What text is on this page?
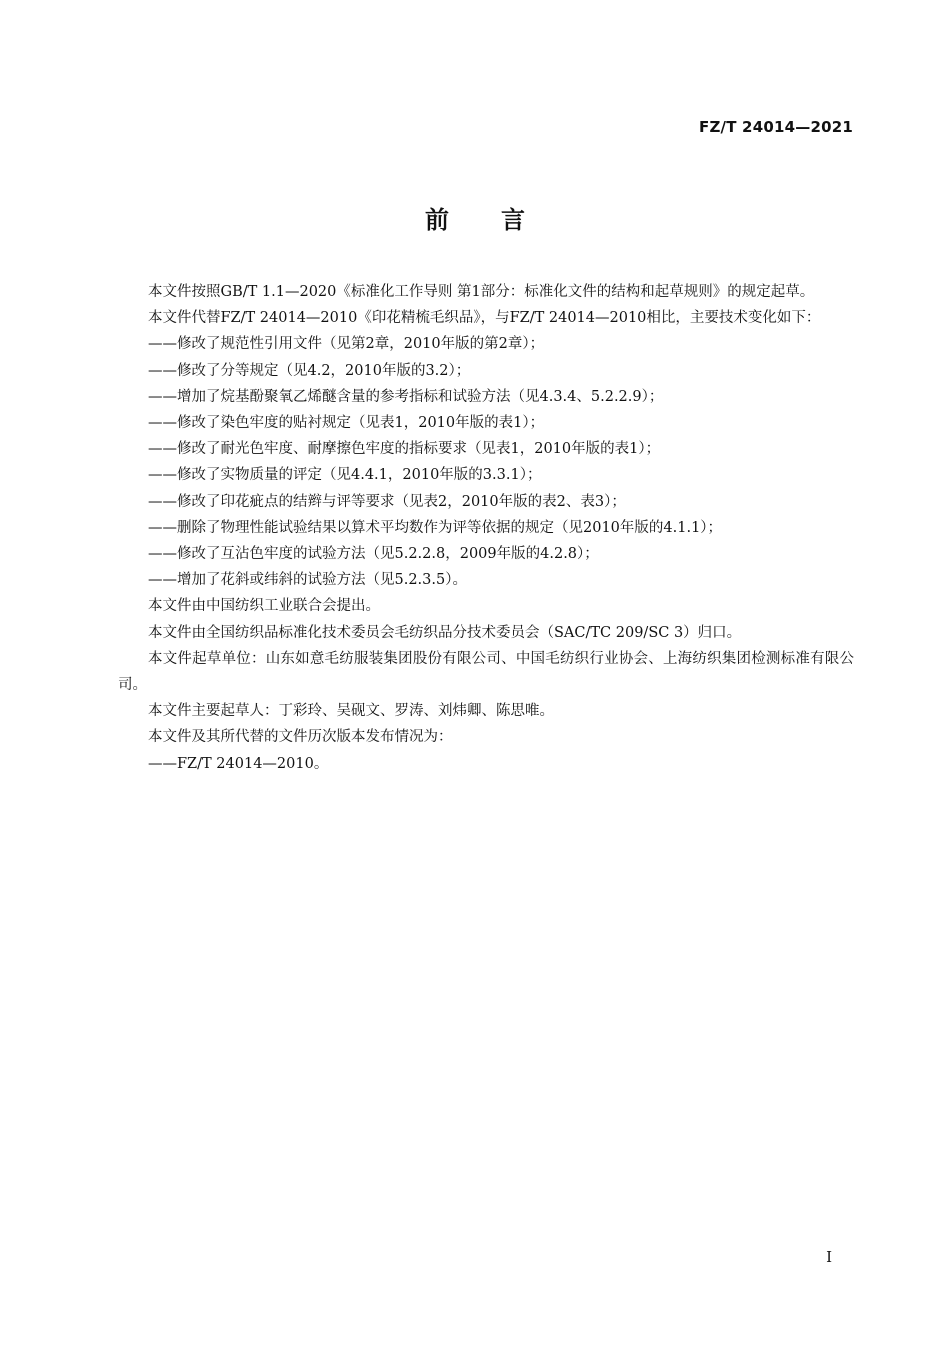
FZ/T 24014—2021
前言

本文件按照GB/T 1.1—2020《标准化工作导则 第1部分：标准化文件的结构和起草规则》的规定起草。

本文件代替FZ/T 24014—2010《印花精梳毛织品》，与FZ/T 24014—2010相比，主要技术变化如下：

——修改了规范性引用文件（见第2章，2010年版的第2章）；

——修改了分等规定（见4.2，2010年版的3.2）；

——增加了烷基酚聚氧乙烯醚含量的参考指标和试验方法（见4.3.4、5.2.2.9）；

——修改了染色牢度的贴衬规定（见表1，2010年版的表1）；

——修改了耐光色牢度、耐摩擦色牢度的指标要求（见表1，2010年版的表1）；

——修改了实物质量的评定（见4.4.1，2010年版的3.3.1）；

——修改了印花疵点的结辫与评等要求（见表2，2010年版的表2、表3）；

——删除了物理性能试验结果以算术平均数作为评等依据的规定（见2010年版的4.1.1）；

——修改了互沾色牢度的试验方法（见5.2.2.8，2009年版的4.2.8）；

——增加了花斜或纬斜的试验方法（见5.2.3.5）。

本文件由中国纺织工业联合会提出。

本文件由全国纺织品标准化技术委员会毛纺织品分技术委员会（SAC/TC 209/SC 3）归口。

本文件起草单位：山东如意毛纺服装集团股份有限公司、中国毛纺织行业协会、上海纺织集团检测标准有限公司。

本文件主要起草人：丁彩玲、吴砚文、罗涛、刘炜卿、陈思唯。

本文件及其所代替的文件历次版本发布情况为：

——FZ/T 24014—2010。

I
